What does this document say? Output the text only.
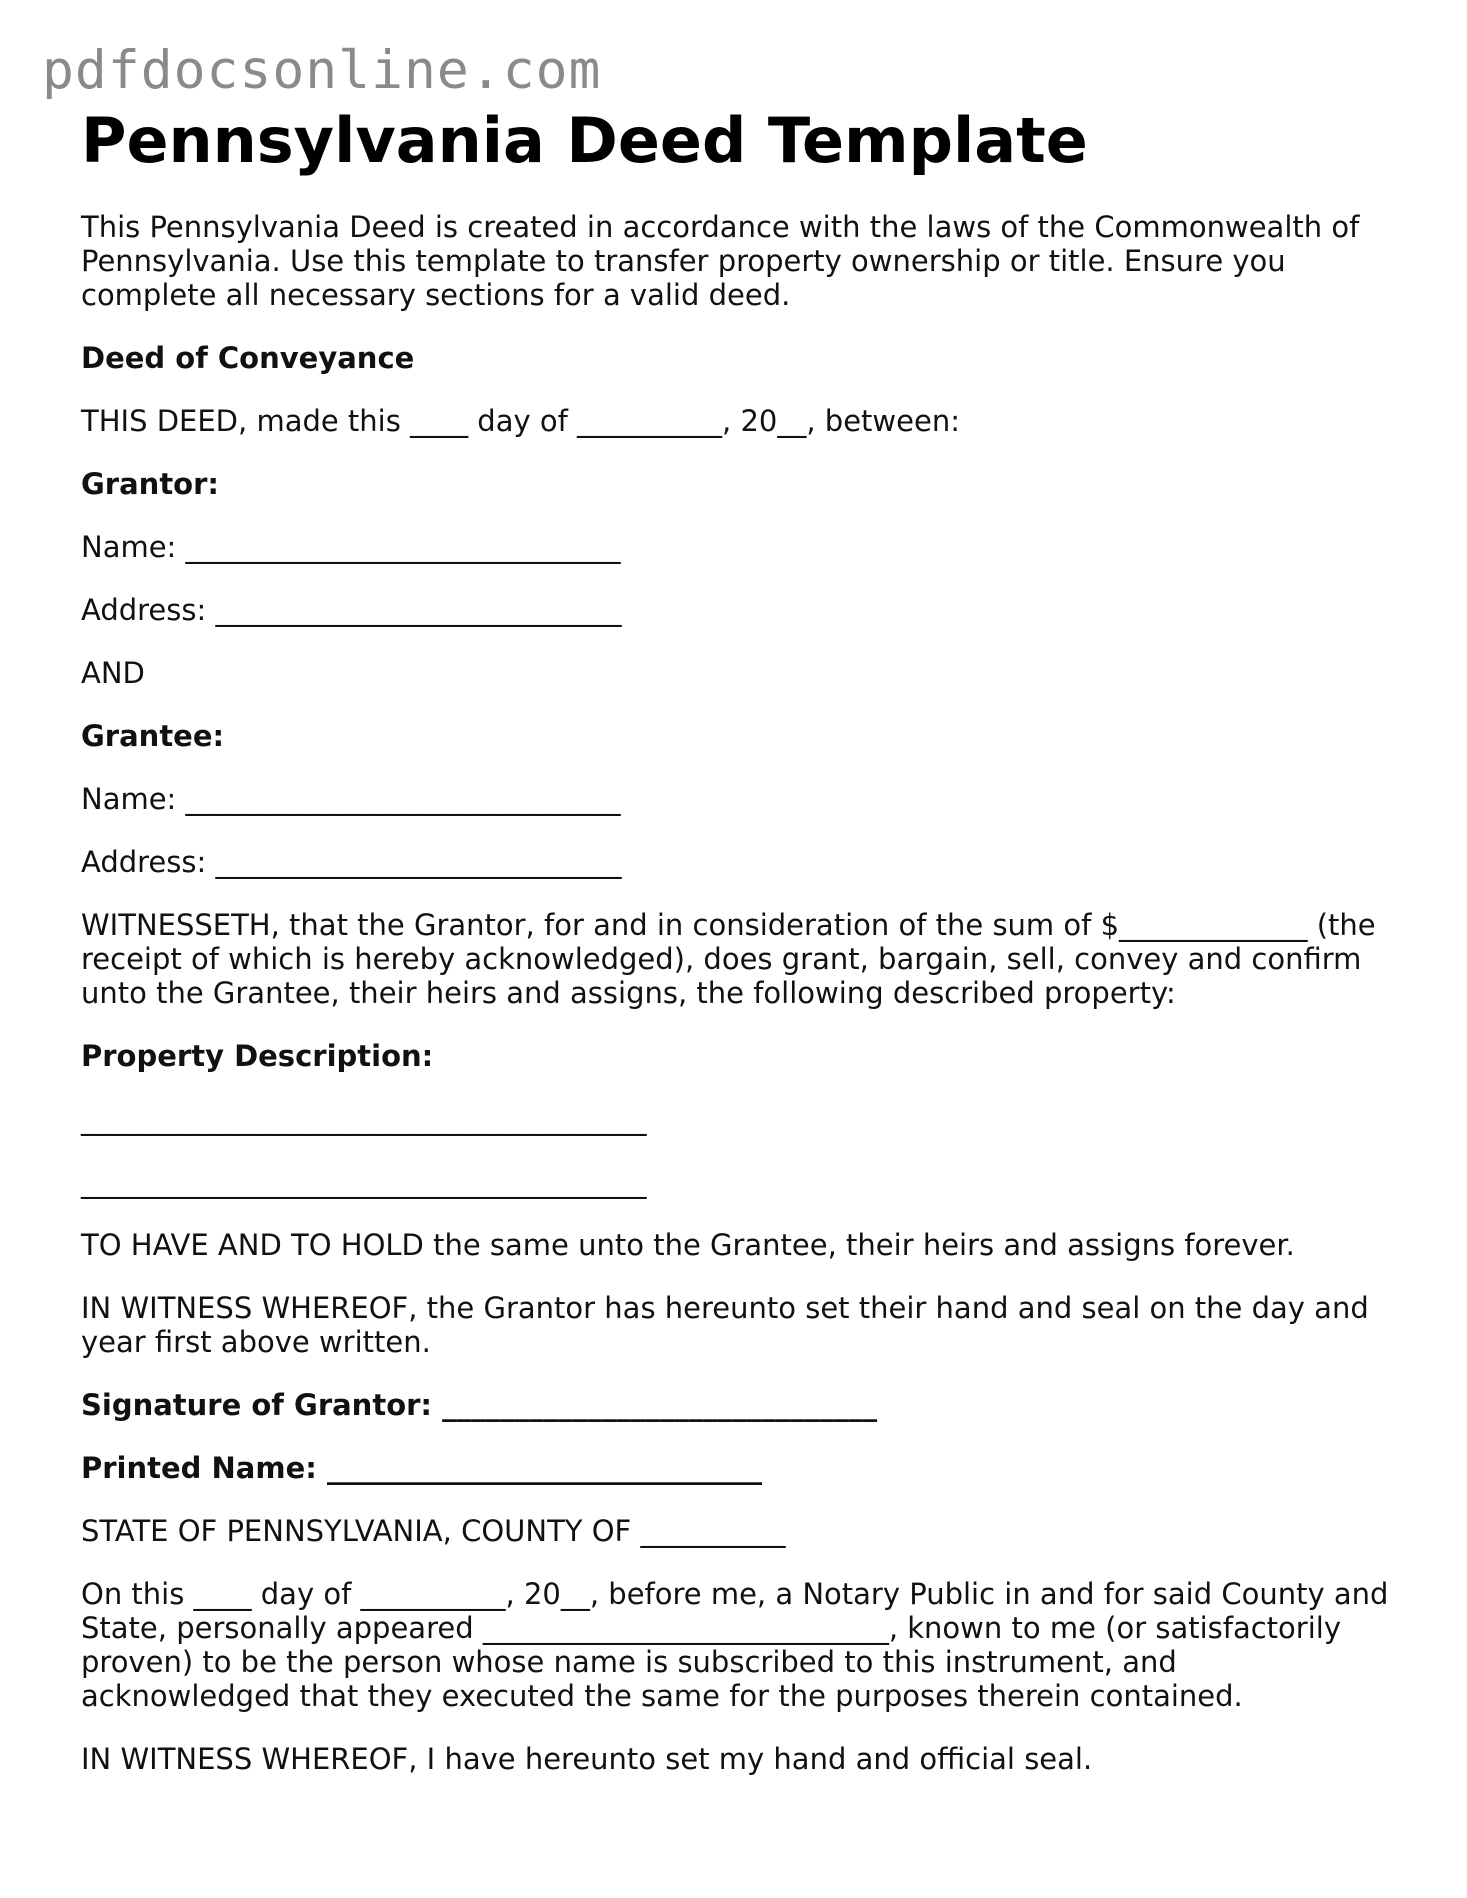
pdfdocsonline.com
Pennsylvania Deed Template

This Pennsylvania Deed is created in accordance with the laws of the Commonwealth of Pennsylvania. Use this template to transfer property ownership or title. Ensure you complete all necessary sections for a valid deed.

Deed of Conveyance

THIS DEED, made this ____ day of __________, 20__, between:

Grantor:

Name: ______________________________

Address: ____________________________

AND

Grantee:

Name: ______________________________

Address: ____________________________

WITNESSETH, that the Grantor, for and in consideration of the sum of $_____________ (the receipt of which is hereby acknowledged), does grant, bargain, sell, convey and confirm unto the Grantee, their heirs and assigns, the following described property:

Property Description:

_______________________________________

_______________________________________

TO HAVE AND TO HOLD the same unto the Grantee, their heirs and assigns forever.

IN WITNESS WHEREOF, the Grantor has hereunto set their hand and seal on the day and year first above written.

Signature of Grantor: ______________________________

Printed Name: ______________________________

STATE OF PENNSYLVANIA, COUNTY OF __________

On this ____ day of __________, 20__, before me, a Notary Public in and for said County and State, personally appeared ____________________________, known to me (or satisfactorily proven) to be the person whose name is subscribed to this instrument, and acknowledged that they executed the same for the purposes therein contained.

IN WITNESS WHEREOF, I have hereunto set my hand and official seal.
